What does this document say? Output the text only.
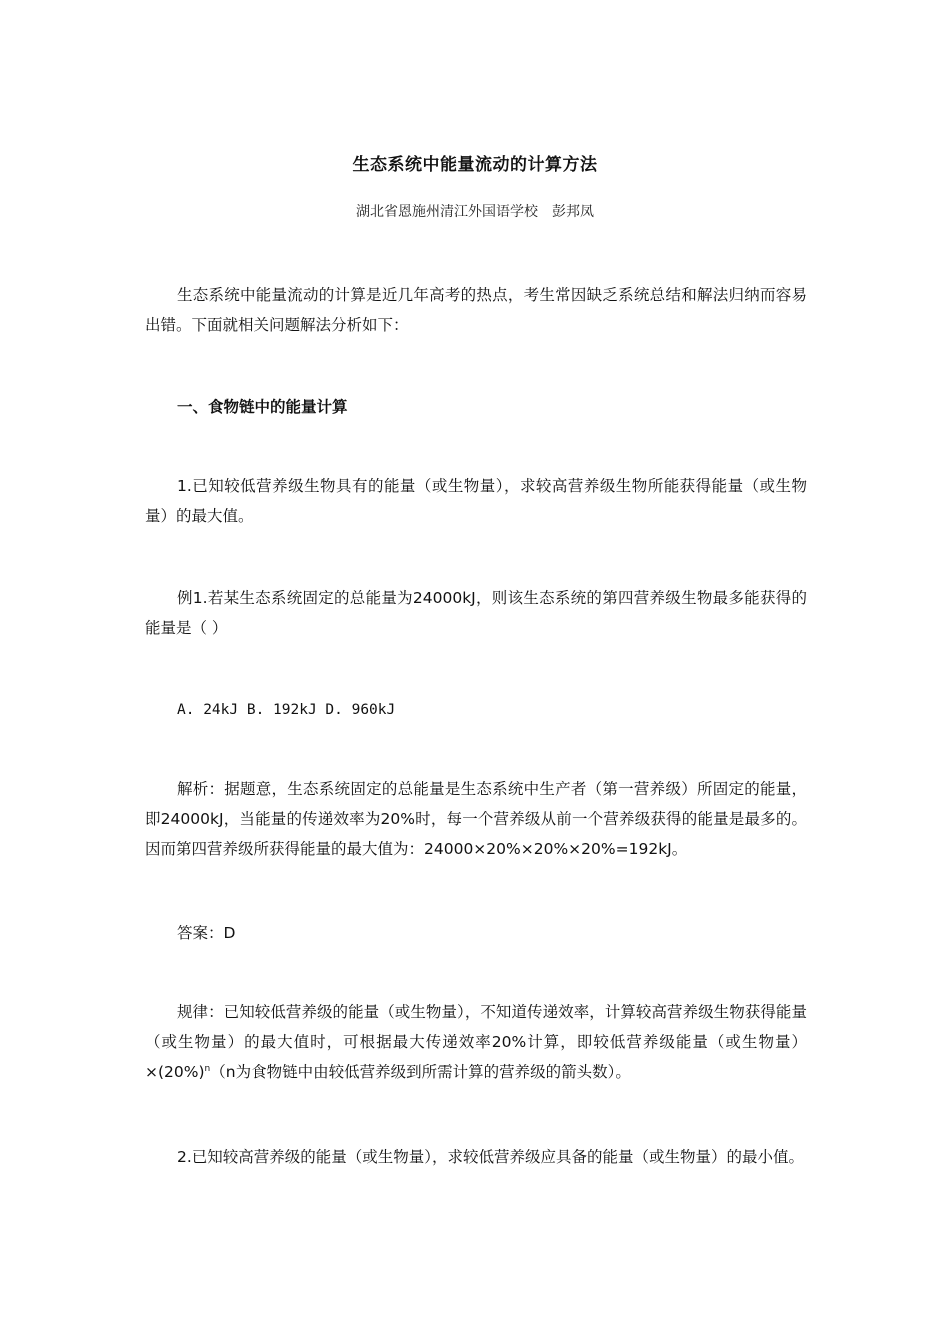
生态系统中能量流动的计算方法
湖北省恩施州清江外国语学校　彭邦凤

生态系统中能量流动的计算是近几年高考的热点，考生常因缺乏系统总结和解法归纳而容易出错。下面就相关问题解法分析如下：

一、食物链中的能量计算

1.已知较低营养级生物具有的能量（或生物量），求较高营养级生物所能获得能量（或生物量）的最大值。

例1.若某生态系统固定的总能量为24000kJ，则该生态系统的第四营养级生物最多能获得的能量是（ ）

A. 24kJ B. 192kJ D. 960kJ

解析：据题意，生态系统固定的总能量是生态系统中生产者（第一营养级）所固定的能量，即24000kJ，当能量的传递效率为20%时，每一个营养级从前一个营养级获得的能量是最多的。因而第四营养级所获得能量的最大值为：24000×20%×20%×20%=192kJ。

答案：D

规律：已知较低营养级的能量（或生物量），不知道传递效率，计算较高营养级生物获得能量（或生物量）的最大值时，可根据最大传递效率20%计算，即较低营养级能量（或生物量）$\times(20\%)^n(n$为食物链中由较低营养级到所需计算的营养级的箭头数）。

2.已知较高营养级的能量（或生物量），求较低营养级应具备的能量（或生物量）的最小值。
